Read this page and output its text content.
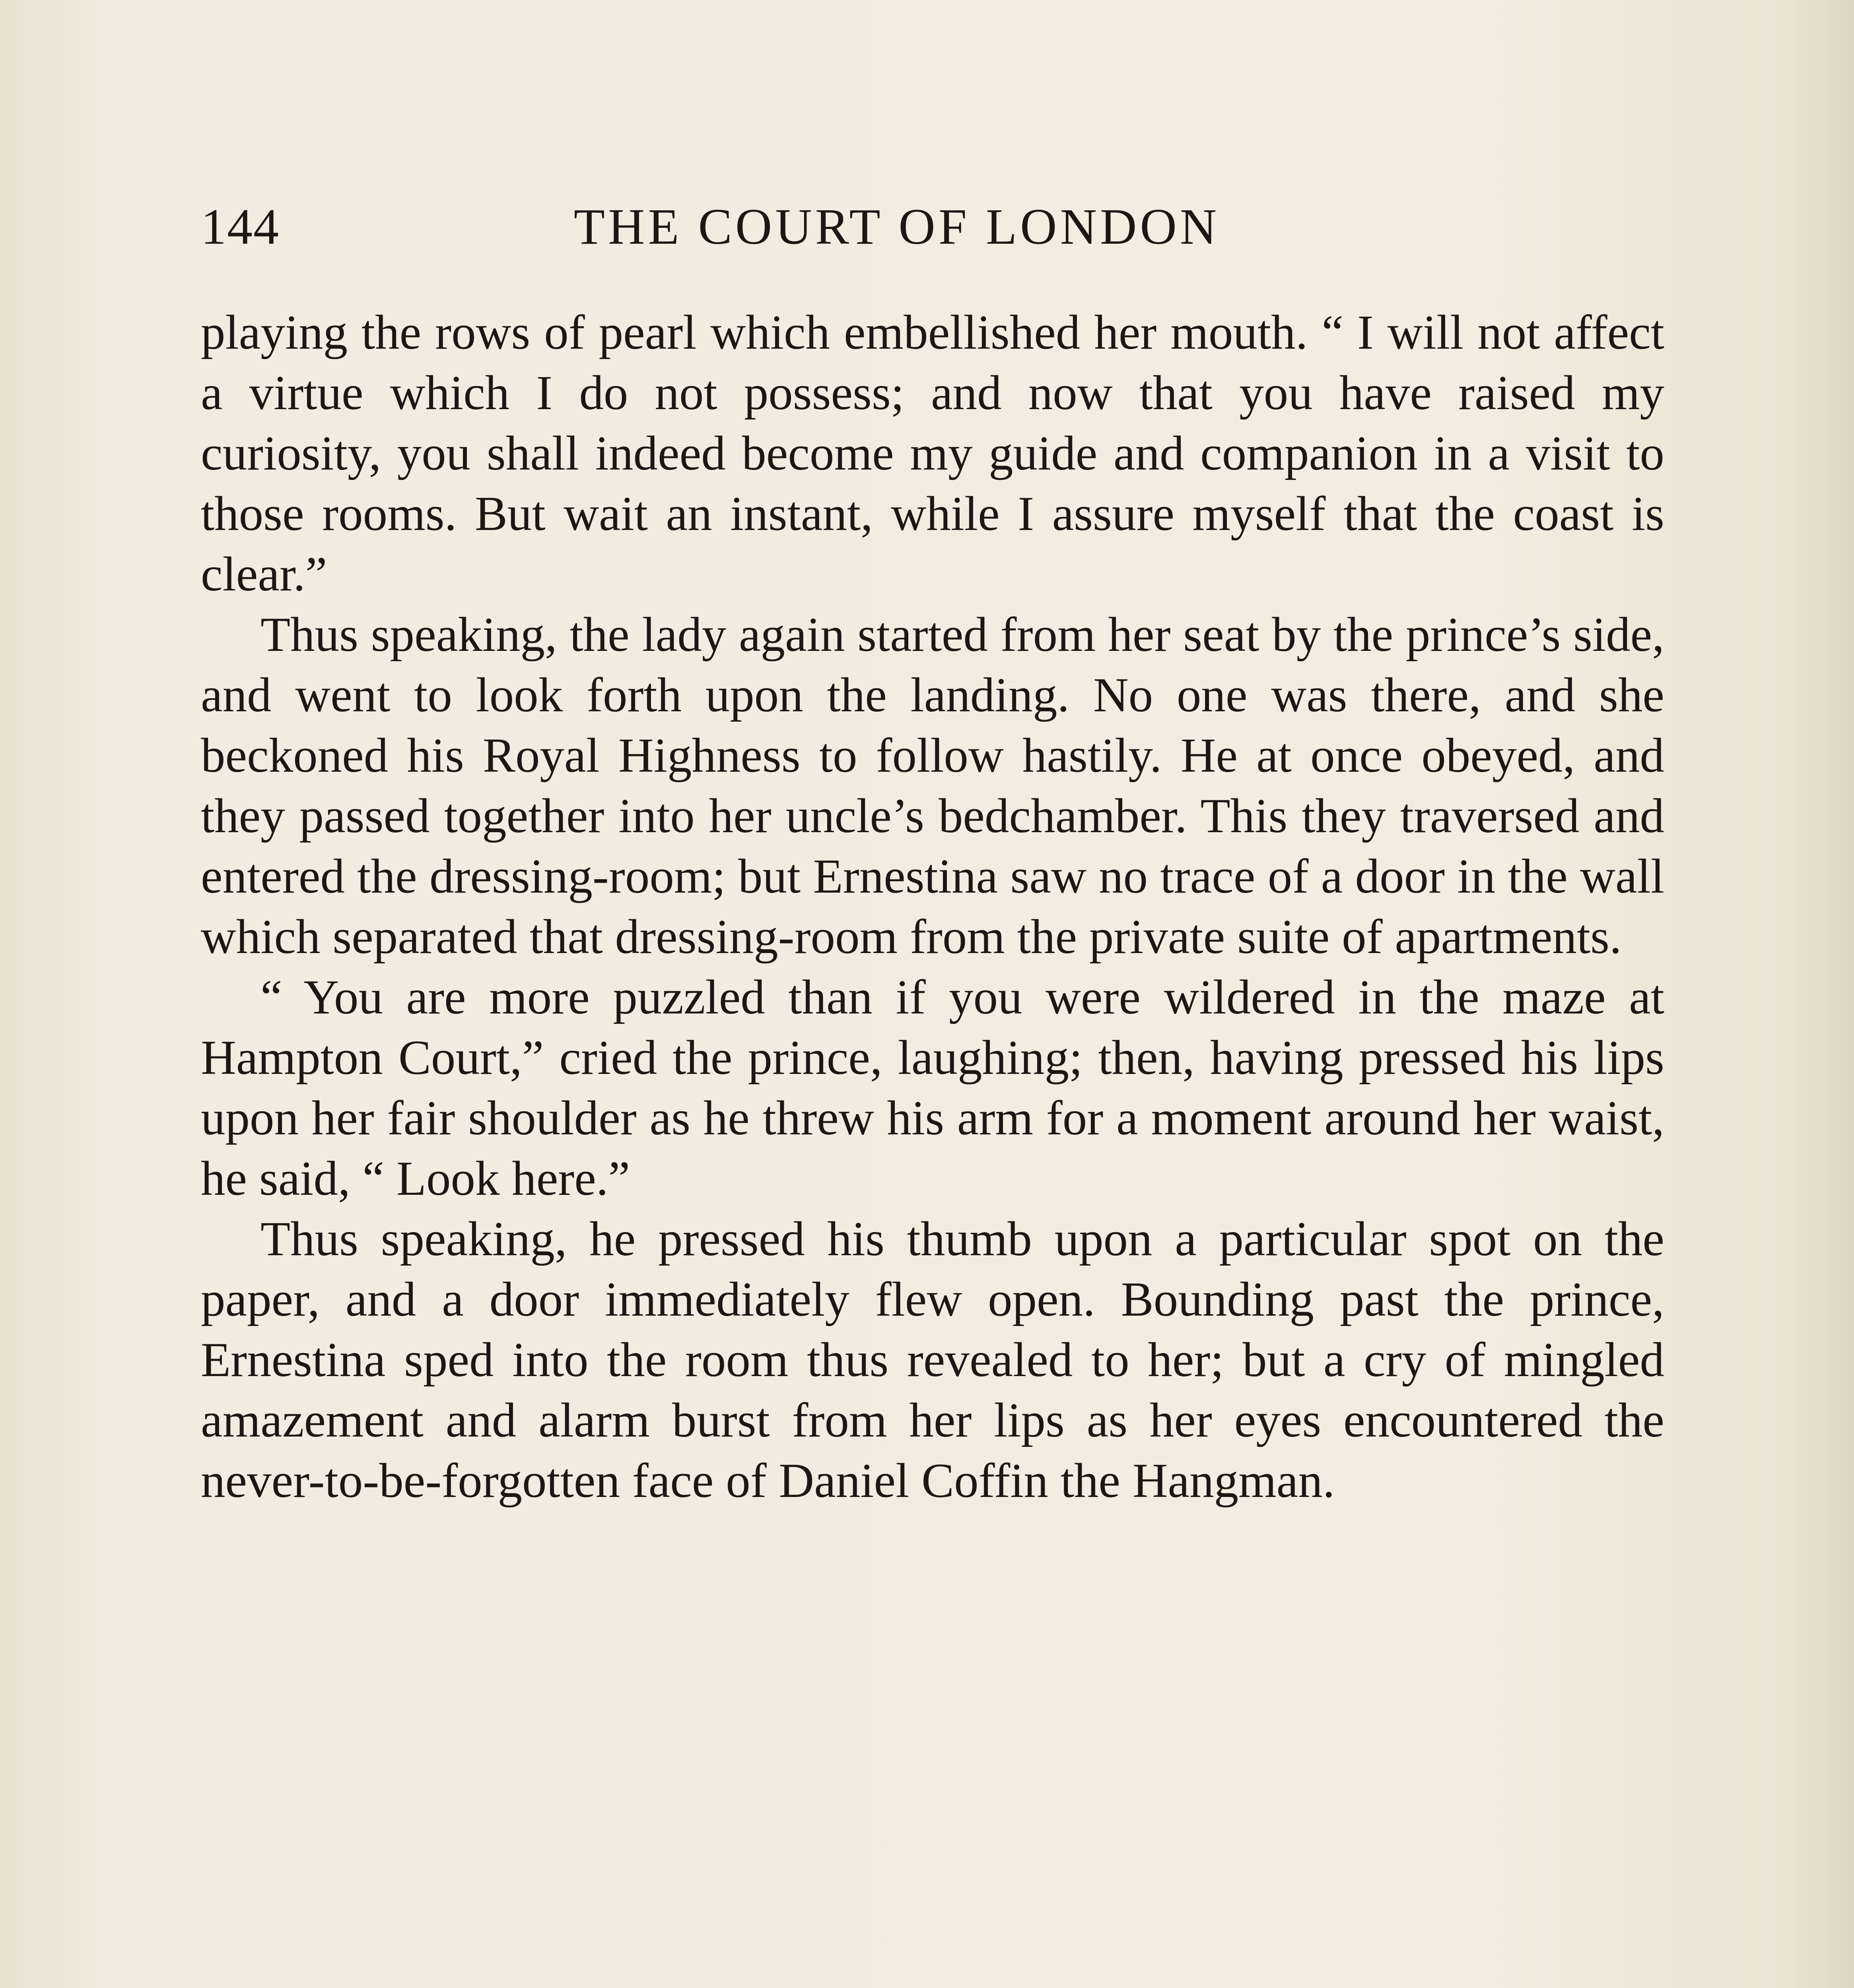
144	THE COURT OF LONDON

playing the rows of pearl which embellished her mouth. “ I will not affect a virtue which I do not possess; and now that you have raised my curiosity, you shall indeed become my guide and companion in a visit to those rooms. But wait an instant, while I assure myself that the coast is clear.”

Thus speaking, the lady again started from her seat by the prince’s side, and went to look forth upon the landing. No one was there, and she beckoned his Royal Highness to follow hastily. He at once obeyed, and they passed together into her uncle’s bedchamber. This they traversed and entered the dressing-room; but Ernestina saw no trace of a door in the wall which separated that dressing-room from the private suite of apartments.

“ You are more puzzled than if you were wildered in the maze at Hampton Court,” cried the prince, laughing; then, having pressed his lips upon her fair shoulder as he threw his arm for a moment around her waist, he said, “ Look here.”

Thus speaking, he pressed his thumb upon a particular spot on the paper, and a door immediately flew open. Bounding past the prince, Ernestina sped into the room thus revealed to her; but a cry of mingled amazement and alarm burst from her lips as her eyes encountered the never-to-be-forgotten face of Daniel Coffin the Hangman.
